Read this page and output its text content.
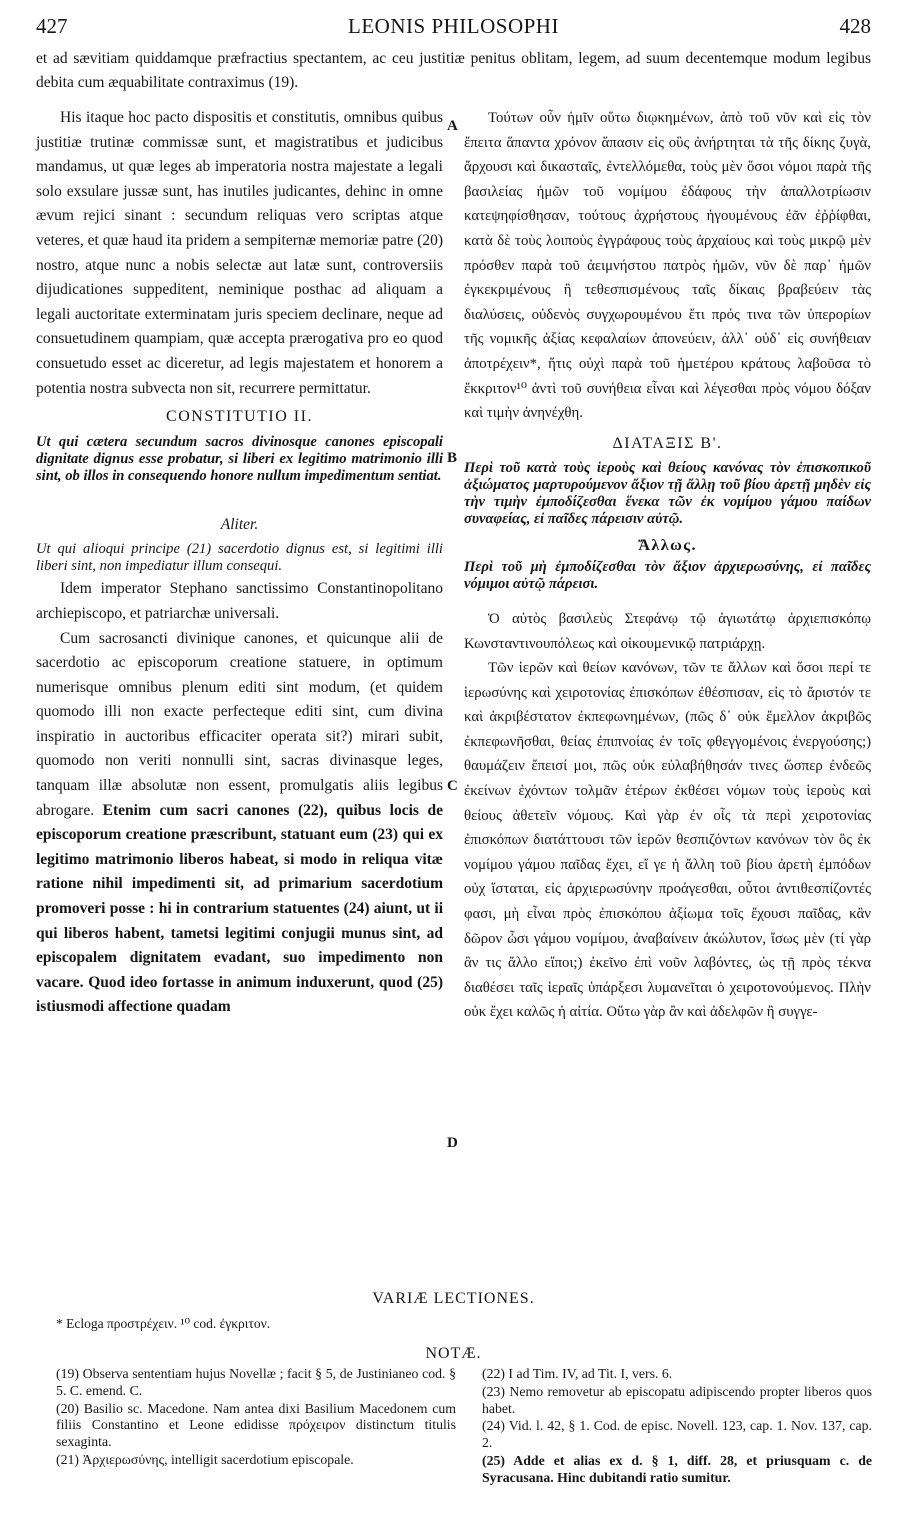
427	LEONIS PHILOSOPHI	428
et ad sævitiam quiddamque præfractius spectantem, ac ceu justitiæ penitus oblitam, legem, ad suum decentemque modum legibus debita cum æquabilitate contraximus (19).

His itaque hoc pacto dispositis et constitutis, omnibus quibus justitiæ trutinæ commissæ sunt, et magistratibus et judicibus mandamus, ut quæ leges ab imperatoria nostra majestate a legali solo exsulare jussæ sunt, has inutiles judicantes, dehinc in omne ævum rejici sinant : secundum reliquas vero scriptas atque veteres, et quæ haud ita pridem a sempiternæ memoriæ patre (20) nostro, atque nunc a nobis selectæ aut latæ sunt, controversiis dijudicationes suppeditent, neminique posthac ad aliquam a legali auctoritate exterminatam juris speciem declinare, neque ad consuetudinem quampiam, quæ accepta prærogativa pro eo quod consuetudo esset ac diceretur, ad legis majestatem et honorem a potentia nostra subvecta non sit, recurrere permittatur.

CONSTITUTIO II.

Ut qui cætera secundum sacros divinosque canones episcopali dignitate dignus esse probatur, si liberi ex legitimo matrimonio illi sint, ob illos in consequendo honore nullum impedimentum sentiat.

Aliter.

Ut qui alioqui principe (21) sacerdotio dignus est, si legitimi illi liberi sint, non impediatur illum consequi.

Idem imperator Stephano sanctissimo Constantinopolitano archiepiscopo, et patriarchæ universali.

Cum sacrosancti divinique canones, et quicunque alii de sacerdotio ac episcoporum creatione statuere, in optimum numerisque omnibus plenum editi sint modum, (et quidem quomodo illi non exacte perfecteque editi sint, cum divina inspiratio in auctoribus efficaciter operata sit?) mirari subit, quomodo non veriti nonnulli sint, sacras divinasque leges, tanquam illæ absolutæ non essent, promulgatis aliis legibus abrogare. Etenim cum sacri canones (22), quibus locis de episcoporum creatione præscribunt, statuant eum (23) qui ex legitimo matrimonio liberos habeat, si modo in reliqua vitæ ratione nihil impedimenti sit, ad primarium sacerdotium promoveri posse : hi in contrarium statuentes (24) aiunt, ut ii qui liberos habent, tametsi legitimi conjugii munus sint, ad episcopalem dignitatem evadant, suo impedimento non vacare. Quod ideo fortasse in animum induxerunt, quod (25) istiusmodi affectione quadam

Τούτων οὖν ἡμῖν οὕτω διῳκημένων, ἀπὸ τοῦ νῦν καὶ εἰς τὸν ἔπειτα ἅπαντα χρόνον ἅπασιν εἰς οὓς ἀνήρτηται τὰ τῆς δίκης ζυγὰ, ἄρχουσι καὶ δικασταῖς, ἐντελλόμεθα, τοὺς μὲν ὅσοι νόμοι παρὰ τῆς βασιλείας ἡμῶν τοῦ νομίμου ἐδάφους τὴν ἀπαλλοτρίωσιν κατεψηφίσθησαν, τούτους ἀχρήστους ἡγουμένους ἐᾶν ἐῤῥίφθαι, κατὰ δὲ τοὺς λοιποὺς ἐγγράφους τοὺς ἀρχαίους καὶ τοὺς μικρῷ μὲν πρόσθεν παρὰ τοῦ ἀειμνήστου πατρὸς ἡμῶν, νῦν δὲ παρ᾽ ἡμῶν ἐγκεκριμένους ἢ τεθεσπισμένους ταῖς δίκαις βραβεύειν τὰς διαλύσεις, οὐδενὸς συγχωρουμένου ἔτι πρός τινα τῶν ὑπερορίων τῆς νομικῆς ἀξίας κεφαλαίων ἀπονεύειν, ἀλλ᾽ οὐδ᾽ εἰς συνήθειαν ἀποτρέχειν*, ἥτις οὐχὶ παρὰ τοῦ ἡμετέρου κράτους λαβοῦσα τὸ ἔκκριτον¹⁰ ἀντὶ τοῦ συνήθεια εἶναι καὶ λέγεσθαι πρὸς νόμου δόξαν καὶ τιμὴν ἀνηνέχθη.

ΔΙΑΤΑΞΙΣ Β'.

Περὶ τοῦ κατὰ τοὺς ἱεροὺς καὶ θείους κανόνας τὸν ἐπισκοπικοῦ ἀξιώματος μαρτυρούμενον ἄξιον τῇ ἄλλῃ τοῦ βίου ἀρετῇ μηδὲν εἰς τὴν τιμὴν ἐμποδίζεσθαι ἕνεκα τῶν ἐκ νομίμου γάμου παίδων συναφείας, εἰ παῖδες πάρεισιν αὐτῷ.

Ἄλλως.

Περὶ τοῦ μὴ ἐμποδίζεσθαι τὸν ἄξιον ἀρχιερωσύνης, εἰ παῖδες νόμιμοι αὐτῷ πάρεισι.

Ὁ αὐτὸς βασιλεὺς Στεφάνῳ τῷ ἁγιωτάτῳ ἀρχιεπισκόπῳ Κωνσταντινουπόλεως καὶ οἰκουμενικῷ πατριάρχῃ.

Τῶν ἱερῶν καὶ θείων κανόνων, τῶν τε ἄλλων καὶ ὅσοι περί τε ἱερωσύνης καὶ χειροτονίας ἐπισκόπων ἐθέσπισαν, εἰς τὸ ἄριστόν τε καὶ ἀκριβέστατον ἐκπεφωνημένων, (πῶς δ᾽ οὐκ ἔμελλον ἀκριβῶς ἐκπεφωνῆσθαι, θείας ἐπιπνοίας ἐν τοῖς φθεγγομένοις ἐνεργούσης;) θαυμάζειν ἔπεισί μοι, πῶς οὐκ εὐλαβήθησάν τινες ὥσπερ ἐνδεῶς ἐκείνων ἐχόντων τολμᾶν ἑτέρων ἐκθέσει νόμων τοὺς ἱεροὺς καὶ θείους ἀθετεῖν νόμους. Καὶ γὰρ ἐν οἷς τὰ περὶ χειροτονίας ἐπισκόπων διατάττουσι τῶν ἱερῶν θεσπιζόντων κανόνων τὸν ὃς ἐκ νομίμου γάμου παῖδας ἔχει, εἴ γε ἡ ἄλλη τοῦ βίου ἀρετὴ ἐμπόδων οὐχ ἵσταται, εἰς ἀρχιερωσύνην προάγεσθαι, οὗτοι ἀντιθεσπίζοντές φασι, μὴ εἶναι πρὸς ἐπισκόπου ἀξίωμα τοῖς ἔχουσι παῖδας, κἂν δῶρον ὦσι γάμου νομίμου, ἀναβαίνειν ἀκώλυτον, ἴσως μὲν (τί γὰρ ἂν τις ἄλλο εἴποι;) ἐκεῖνο ἐπὶ νοῦν λαβόντες, ὡς τῇ πρὸς τέκνα διαθέσει ταῖς ἱεραῖς ὑπάρξεσι λυμανεῖται ὁ χειροτονούμενος. Πλὴν οὐκ ἔχει καλῶς ἡ αἰτία. Οὕτω γὰρ ἂν καὶ ἀδελφῶν ἢ συγγε-

A
B
C
D
VARIÆ LECTIONES.
* Ecloga προστρέχειν. ¹⁰ cod. ἐγκριτον.
NOTÆ.

(19) Observa sententiam hujus Novellæ ; facit § 5, de Justinianeo cod. § 5. C. emend. C.

(20) Basilio sc. Macedone. Nam antea dixi Basilium Macedonem cum filiis Constantino et Leone edidisse πρόχειρον distinctum titulis sexaginta.

(21) Ἀρχιερωσύνης, intelligit sacerdotium episcopale.

(22) I ad Tim. IV, ad Tit. I, vers. 6.

(23) Nemo removetur ab episcopatu adipiscendo propter liberos quos habet.

(24) Vid. l. 42, § 1. Cod. de episc. Novell. 123, cap. 1. Nov. 137, cap. 2.

(25) Adde et alias ex d. § 1, diff. 28, et priusquam c. de Syracusana. Hinc dubitandi ratio sumitur.
